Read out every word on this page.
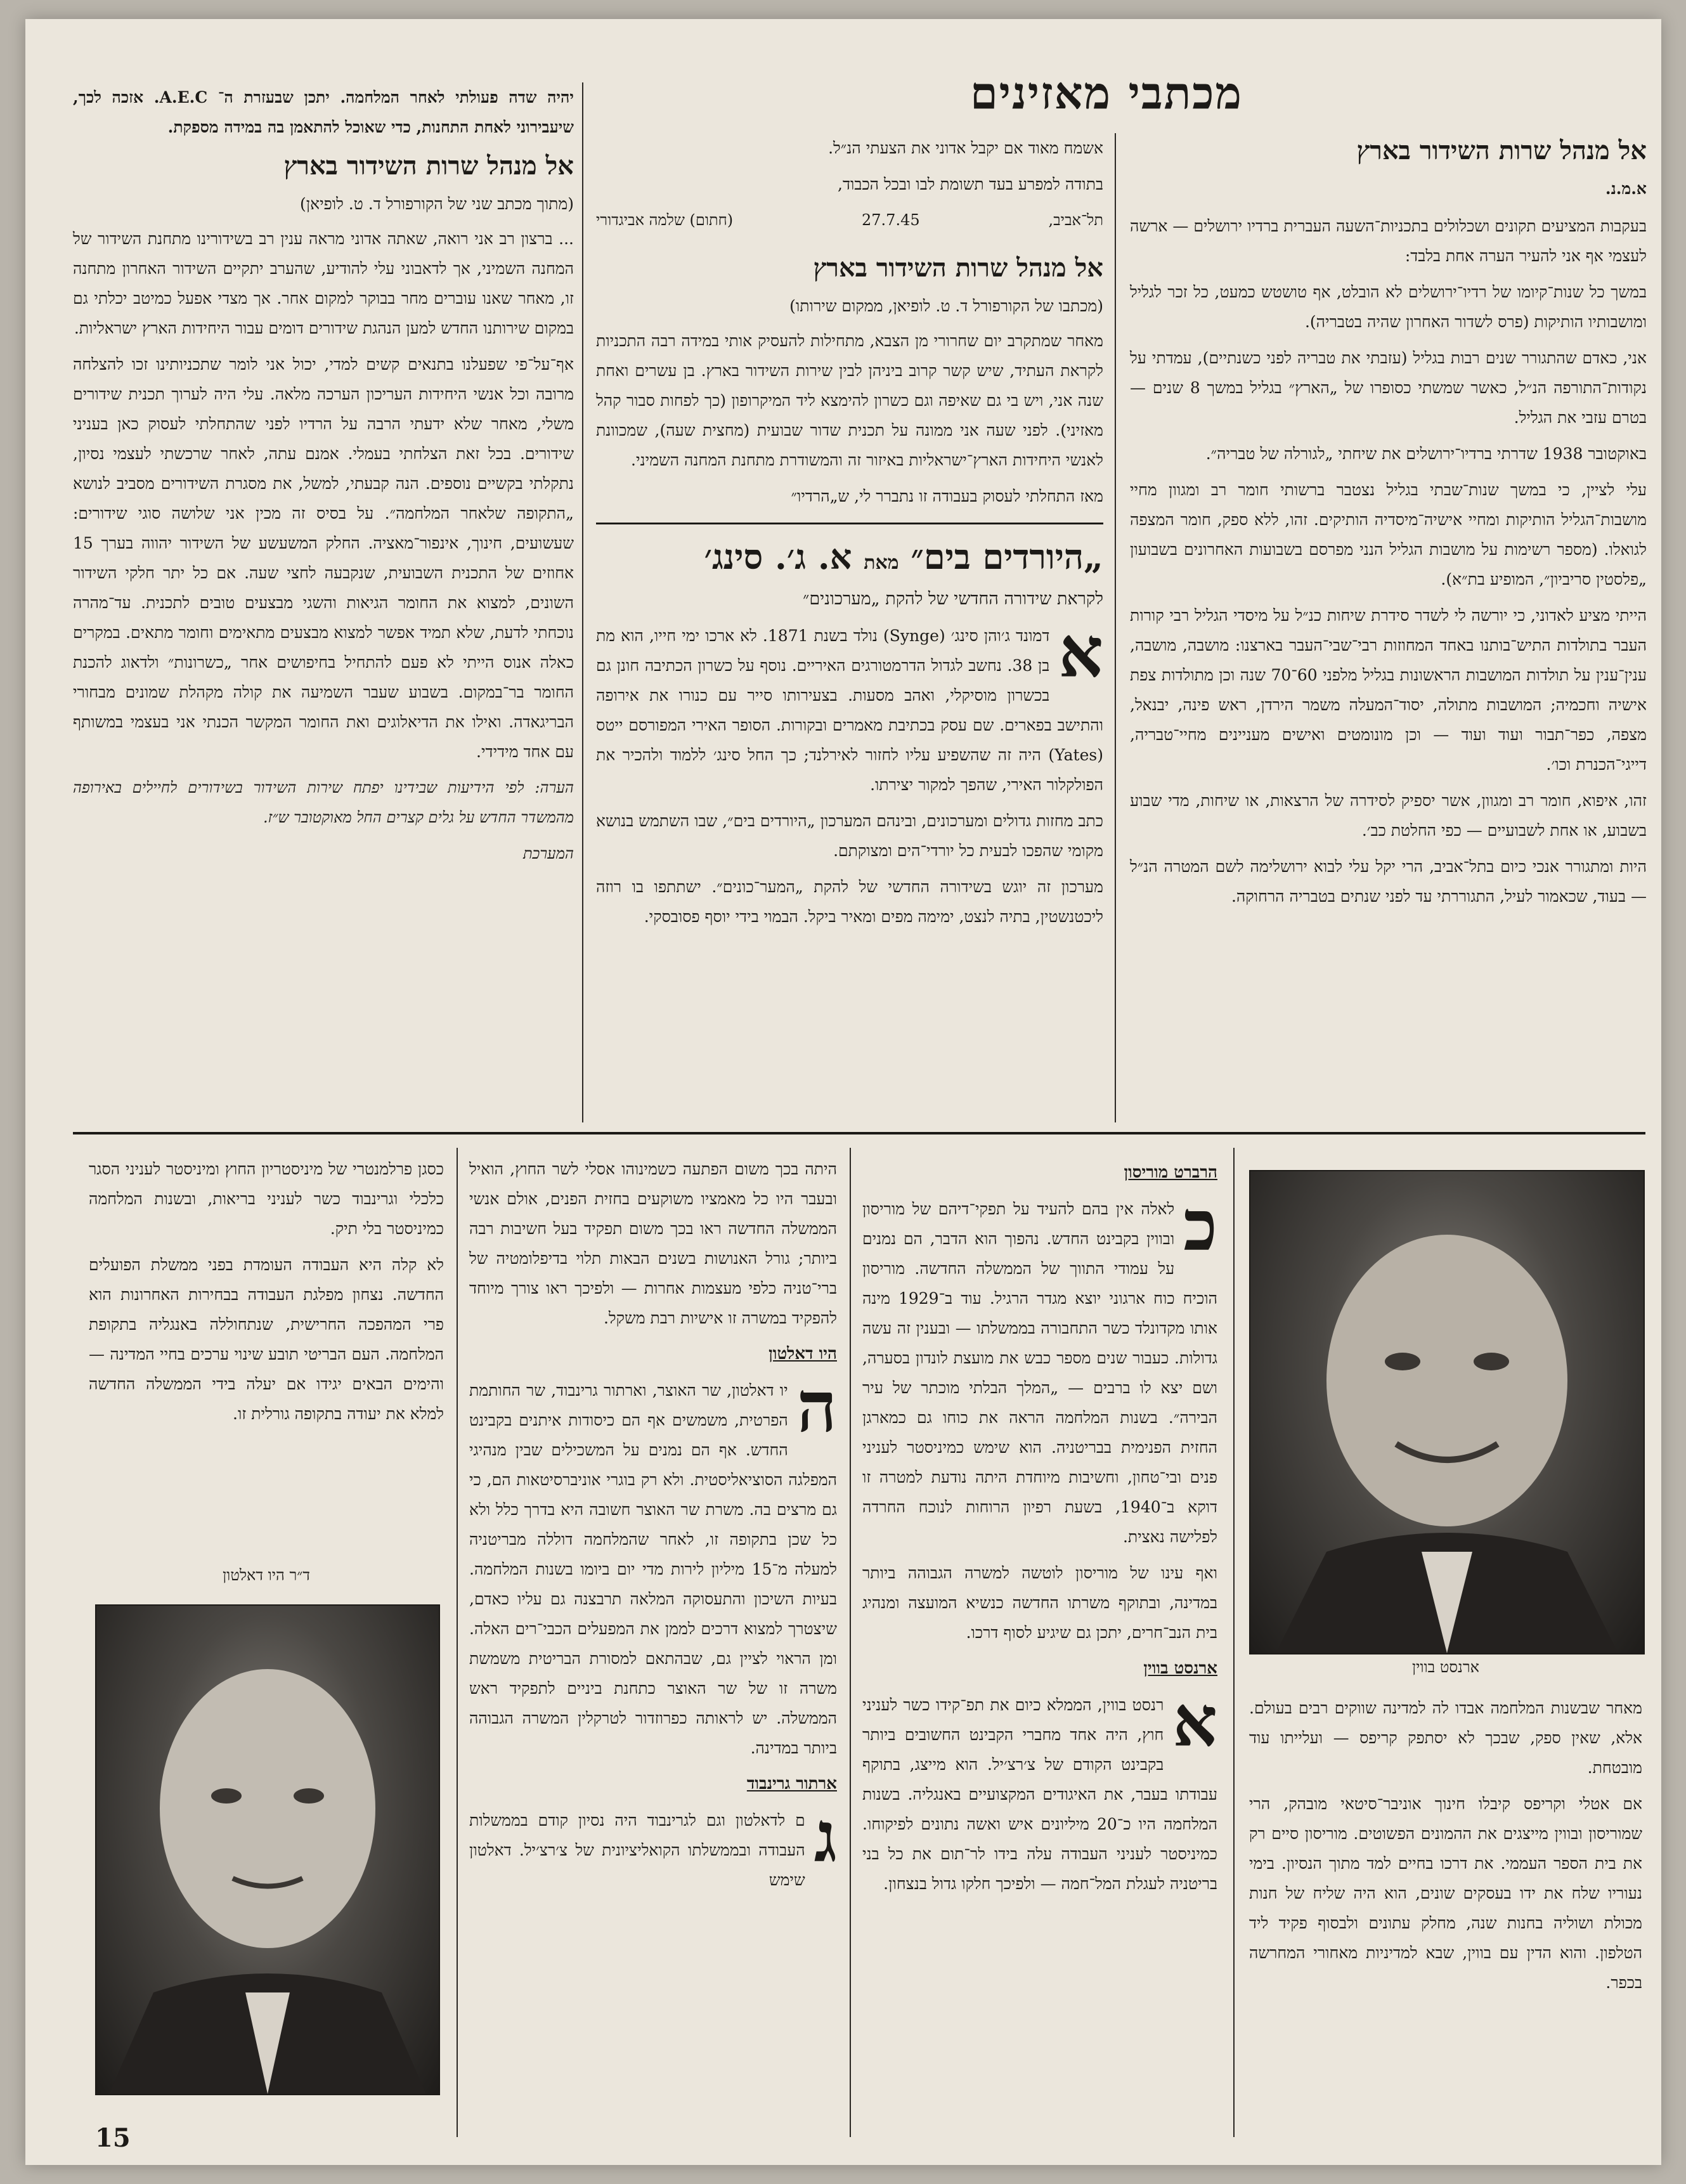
מכתבי מאזינים
אל מנהל שרות השידור בארץ
א.מ.נ.

בעקבות המציעים תקונים ושכלולים בתכניות־השעה העברית ברדיו ירושלים — ארשה לעצמי אף אני להעיר הערה אחת בלבד:

במשך כל שנות־קיומו של רדיו־ירושלים לא הובלט, אף טושטש כמעט, כל זכר לגליל ומושבותיו הותיקות (פרס לשדור האחרון שהיה בטבריה).

אני, כאדם שהתגורר שנים רבות בגליל (עזבתי את טבריה לפני כשנתיים), עמדתי על נקודות־התורפה הנ״ל, כאשר שמשתי כסופרו של „הארץ״ בגליל במשך 8 שנים — בטרם עזבי את הגליל.

באוקטובר 1938 שדרתי ברדיו־ירושלים את שיחתי „לגורלה של טבריה״.

עלי לציין, כי במשך שנות־שבתי בגליל נצטבר ברשותי חומר רב ומגוון מחיי מושבות־הגליל הותיקות ומחיי אישיה־מיסדיה הותיקים. זהו, ללא ספק, חומר המצפה לגואלו. (מספר רשימות על מושבות הגליל הנני מפרסם בשבועות האחרונים בשבועון „פלסטין סריביון״, המופיע בת״א).

הייתי מציע לאדוני, כי יורשה לי לשדר סידרת שיחות כנ״ל על מיסדי הגליל רבי קורות העבר בתולדות התיש־בותנו באחד המחוזות רבי־שבי־העבר בארצנו: מושבה, מושבה, ענין־ענין על תולדות המושבות הראשונות בגליל מלפני 60־70 שנה וכן מתולדות צפת אישיה וחכמיה; המושבות מתולה, יסוד־המעלה משמר הירדן, ראש פינה, יבנאל, מצפה, כפר־תבור ועוד ועוד — וכן מונומטים ואישים מעניינים מחיי־טבריה, דייגי־הכנרת וכו׳.

זהו, איפוא, חומר רב ומגוון, אשר יספיק לסידרה של הרצאות, או שיחות, מדי שבוע בשבוע, או אחת לשבועיים — כפי החלטת כב׳.

היות ומתגורר אנכי כיום בתל־אביב, הרי יקל עלי לבוא ירושלימה לשם המטרה הנ״ל — בעוד, שכאמור לעיל, התגוררתי עד לפני שנתים בטבריה הרחוקה.

אשמח מאוד אם יקבל אדוני את הצעתי הנ״ל.

בתודה למפרע בעד תשומת לבו ובכל הכבוד,

תל־אביב,
27.7.45
(חתום) שלמה אביגדורי
אל מנהל שרות השידור בארץ
(מכתבו של הקורפורל ד. ט. לופיאן, ממקום שירותו)

מאחר שמתקרב יום שחרורי מן הצבא, מתחילות להעסיק אותי במידה רבה התכניות לקראת העתיד, שיש קשר קרוב ביניהן לבין שירות השידור בארץ. בן עשרים ואחת שנה אני, ויש בי גם שאיפה וגם כשרון להימצא ליד המיקרופון (כך לפחות סבור קהל מאזיני). לפני שעה אני ממונה על תכנית שדור שבועית (מחצית שעה), שמכוונת לאנשי היחידות הארץ־ישראליות באיזור זה והמשודרת מתחנת המחנה השמיני.

מאז התחלתי לעסוק בעבודה זו נתברר לי, ש„הרדיו״

„היורדים בים״ מאת א. ג׳. סינג׳
לקראת שידורה החדשי של להקת „מערכונים״
א

דמונד ג׳והן סינג׳ (Synge) נולד בשנת 1871. לא ארכו ימי חייו, הוא מת בן 38. נחשב לגדול הדרמטורגים האיריים. נוסף על כשרון הכתיבה חונן גם בכשרון מוסיקלי, ואהב מסעות. בצעירותו סייר עם כנורו את אירופה והתישב בפארים. שם עסק בכתיבת מאמרים ובקורות. הסופר האירי המפורסם ייטס (Yates) היה זה שהשפיע עליו לחזור לאירלנד; כך החל סינג׳ ללמוד ולהכיר את הפולקלור האירי, שהפך למקור יצירתו.

כתב מחזות גדולים ומערכונים, ובינהם המערכון „היורדים בים״, שבו השתמש בנושא מקומי שהפכו לבעית כל יורדי־הים ומצוקתם.

מערכון זה יוגש בשידורה החדשי של להקת „המער־כונים״. ישתתפו בו רוזה ליכטנשטין, בתיה לנצט, ימימה מפים ומאיר ביקל. הבמוי בידי יוסף פסובסקי.

יהיה שדה פעולתי לאחר המלחמה. יתכן שבעזרת ה־ A.E.C. אזכה לכך, שיעבירוני לאחת התחנות, כדי שאוכל להתאמן בה במידה מספקת.

אל מנהל שרות השידור בארץ
(מתוך מכתב שני של הקורפורל ד. ט. לופיאן)

... ברצון רב אני רואה, שאתה אדוני מראה ענין רב בשידורינו מתחנת השידור של המחנה השמיני, אך לדאבוני עלי להודיע, שהערב יתקיים השידור האחרון מתחנה זו, מאחר שאנו עוברים מחר בבוקר למקום אחר. אך מצדי אפעל כמיטב יכלתי גם במקום שירותנו החדש למען הנהגת שידורים דומים עבור היחידות הארץ ישראליות.

אף־על־פי שפעלנו בתנאים קשים למדי, יכול אני לומר שתכניותינו זכו להצלחה מרובה וכל אנשי היחידות העריכון הערכה מלאה. עלי היה לערוך תכנית שידורים משלי, מאחר שלא ידעתי הרבה על הרדיו לפני שהתחלתי לעסוק כאן בעניני שידורים. בכל זאת הצלחתי בעמלי. אמנם עתה, לאחר שרכשתי לעצמי נסיון, נתקלתי בקשיים נוספים. הנה קבעתי, למשל, את מסגרת השידורים מסביב לנושא „התקופה שלאחר המלחמה״. על בסיס זה מכין אני שלושה סוגי שידורים: שעשועים, חינוך, אינפור־מאציה. החלק המשעשע של השידור יהווה בערך 15 אחוזים של התכנית השבועית, שנקבעה לחצי שעה. אם כל יתר חלקי השידור השונים, למצוא את החומר הגיאות והשגי מבצעים טובים לתכנית. עד־מהרה נוכחתי לדעת, שלא תמיד אפשר למצוא מבצעים מתאימים וחומר מתאים. במקרים כאלה אנוס הייתי לא פעם להתחיל בחיפושים אחר „כשרונות״ ולדאוג להכנת החומר בר־במקום. בשבוע שעבר השמיעה את קולה מקהלת שמונים מבחורי הבריגאדה. ואילו את הדיאלוגים ואת החומר המקשר הכנתי אני בעצמי במשותף עם אחד מידידי.

הערה: לפי הידיעות שבידינו יפתח שירות השידור בשידורים לחיילים באירופה מהמשדר החדש על גלים קצרים החל מאוקטובר ש״ז.

המערכת

ארנסט בווין

מאחר שבשנות המלחמה אבדו לה למדינה שווקים רבים בעולם. אלא, שאין ספק, שבכך לא יסתפק קריפס — ועלייתו עוד מובטחת.

אם אטלי וקריפס קיבלו חינוך אוניבר־סיטאי מובהק, הרי שמוריסון ובווין מייצגים את ההמונים הפשוטים. מוריסון סיים רק את בית הספר העממי. את דרכו בחיים למד מתוך הנסיון. בימי נעוריו שלח את ידו בעסקים שונים, הוא היה שליח של חנות מכולת ושוליה בחנות שנה, מחלק עתונים ולבסוף פקיד ליד הטלפון. והוא הדין עם בווין, שבא למדיניות מאחורי המחרשה בכפר.

הרברט מוריסון
כ

לאלה אין בהם להעיד על תפקי־דיהם של מוריסון ובווין בקבינט החדש. נהפוך הוא הדבר, הם נמנים על עמודי התווך של הממשלה החדשה. מוריסון הוכיח כוח ארגוני יוצא מגדר הרגיל. עוד ב־1929 מינה אותו מקדונלד כשר התחבורה בממשלתו — ובענין זה עשה גדולות. כעבור שנים מספר כבש את מועצת לונדון בסערה, ושם יצא לו ברבים — „המלך הבלתי מוכתר של עיר הבירה״. בשנות המלחמה הראה את כוחו גם כמארגן החזית הפנימית בבריטניה. הוא שימש כמיניסטר לעניני פנים ובי־טחון, וחשיבות מיוחדת היתה נודעת למטרה זו דוקא ב־1940, בשעת רפיון הרוחות לנוכח החרדה לפלישה נאצית.

ואף עינו של מוריסון לוטשה למשרה הגבוהה ביותר במדינה, ובתוקף משרתו החדשה כנשיא המועצה ומנהיג בית הנב־חרים, יתכן גם שיגיע לסוף דרכו.

ארנסט בווין
א

רנסט בווין, הממלא כיום את תפ־קידו כשר לעניני חוץ, היה אחד מחברי הקבינט החשובים ביותר בקבינט הקודם של צ׳רצ׳יל. הוא מייצג, בתוקף עבודתו בעבר, את האיגודים המקצועיים באנגליה. בשנות המלחמה היו כ־20 מיליונים איש ואשה נתונים לפיקוחו. כמיניסטר לעניני העבודה עלה בידו לר־תום את כל בני בריטניה לעגלת המל־חמה — ולפיכך חלקו גדול בנצחון.

היתה בכך משום הפתעה כשמינוהו אסלי לשר החוץ, הואיל ובעבר היו כל מאמציו משוקעים בחזית הפנים, אולם אנשי הממשלה החדשה ראו בכך משום תפקיד בעל חשיבות רבה ביותר; גורל האנושות בשנים הבאות תלוי בדיפלומטיה של ברי־טניה כלפי מעצמות אחרות — ולפיכך ראו צורך מיוחד להפקיד במשרה זו אישיות רבת משקל.

היו דאלטון
ה

יו דאלטון, שר האוצר, וארתור גרינבוד, שר החותמת הפרטית, משמשים אף הם כיסודות איתנים בקבינט החדש. אף הם נמנים על המשכילים שבין מנהיגי המפלגה הסוציאליסטית. ולא רק בוגרי אוניברסיטאות הם, כי גם מרצים בה. משרת שר האוצר חשובה היא בדרך כלל ולא כל שכן בתקופה זו, לאחר שהמלחמה דוללה מבריטניה למעלה מ־15 מיליון לירות מדי יום ביומו בשנות המלחמה. בעיות השיכון והתעסוקה המלאה תרבצנה גם עליו כאדם, שיצטרך למצוא דרכים לממן את המפעלים הכבי־רים האלה. ומן הראוי לציין גם, שבהתאם למסורת הבריטית משמשת משרה זו של שר האוצר כתחנת ביניים לתפקיד ראש הממשלה. יש לראותה כפרוזדור לטרקלין המשרה הגבוהה ביותר במדינה.

ארתור גרינבוד
ג

ם לדאלטון וגם לגרינבוד היה נסיון קודם בממשלות העבודה ובממשלתו הקואליציונית של צ׳רצ׳יל. דאלטון שימש

כסגן פרלמנטרי של מיניסטריון החוץ ומיניסטר לעניני הסגר כלכלי וגרינבוד כשר לעניני בריאות, ובשנות המלחמה כמיניסטר בלי תיק.

לא קלה היא העבודה העומדת בפני ממשלת הפועלים החדשה. נצחון מפלגת העבודה בבחירות האחרונות הוא פרי המהפכה החרישית, שנתחוללה באנגליה בתקופת המלחמה. העם הבריטי תובע שינוי ערכים בחיי המדינה — והימים הבאים יגידו אם יעלה בידי הממשלה החדשה למלא את יעודה בתקופה גורלית זו.

ד״ר היו דאלטון
15
